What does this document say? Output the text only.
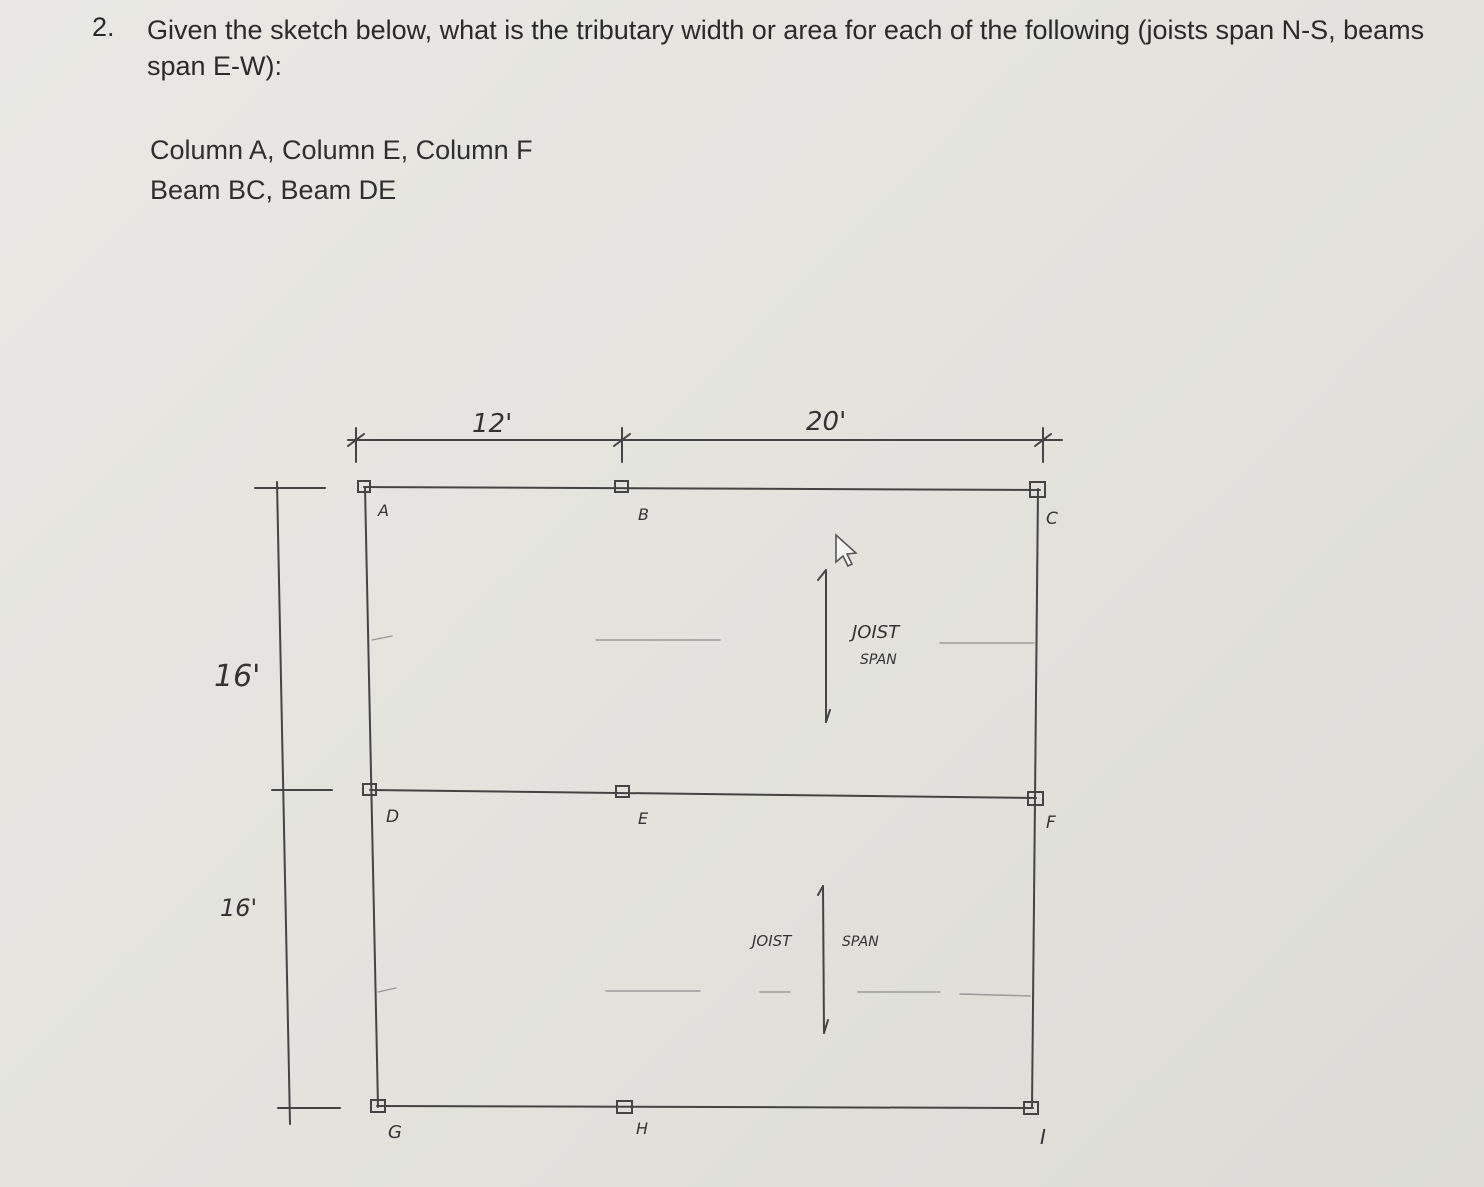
2. Given the sketch below, what is the tributary width or area for each of the following (joists span N-S, beams span E-W):
Column A, Column E, Column F
Beam BC, Beam DE
12'	20'
16'
16'
A	B	C
D	E	F
G	H	I
JOIST
SPAN
JOIST	SPAN
